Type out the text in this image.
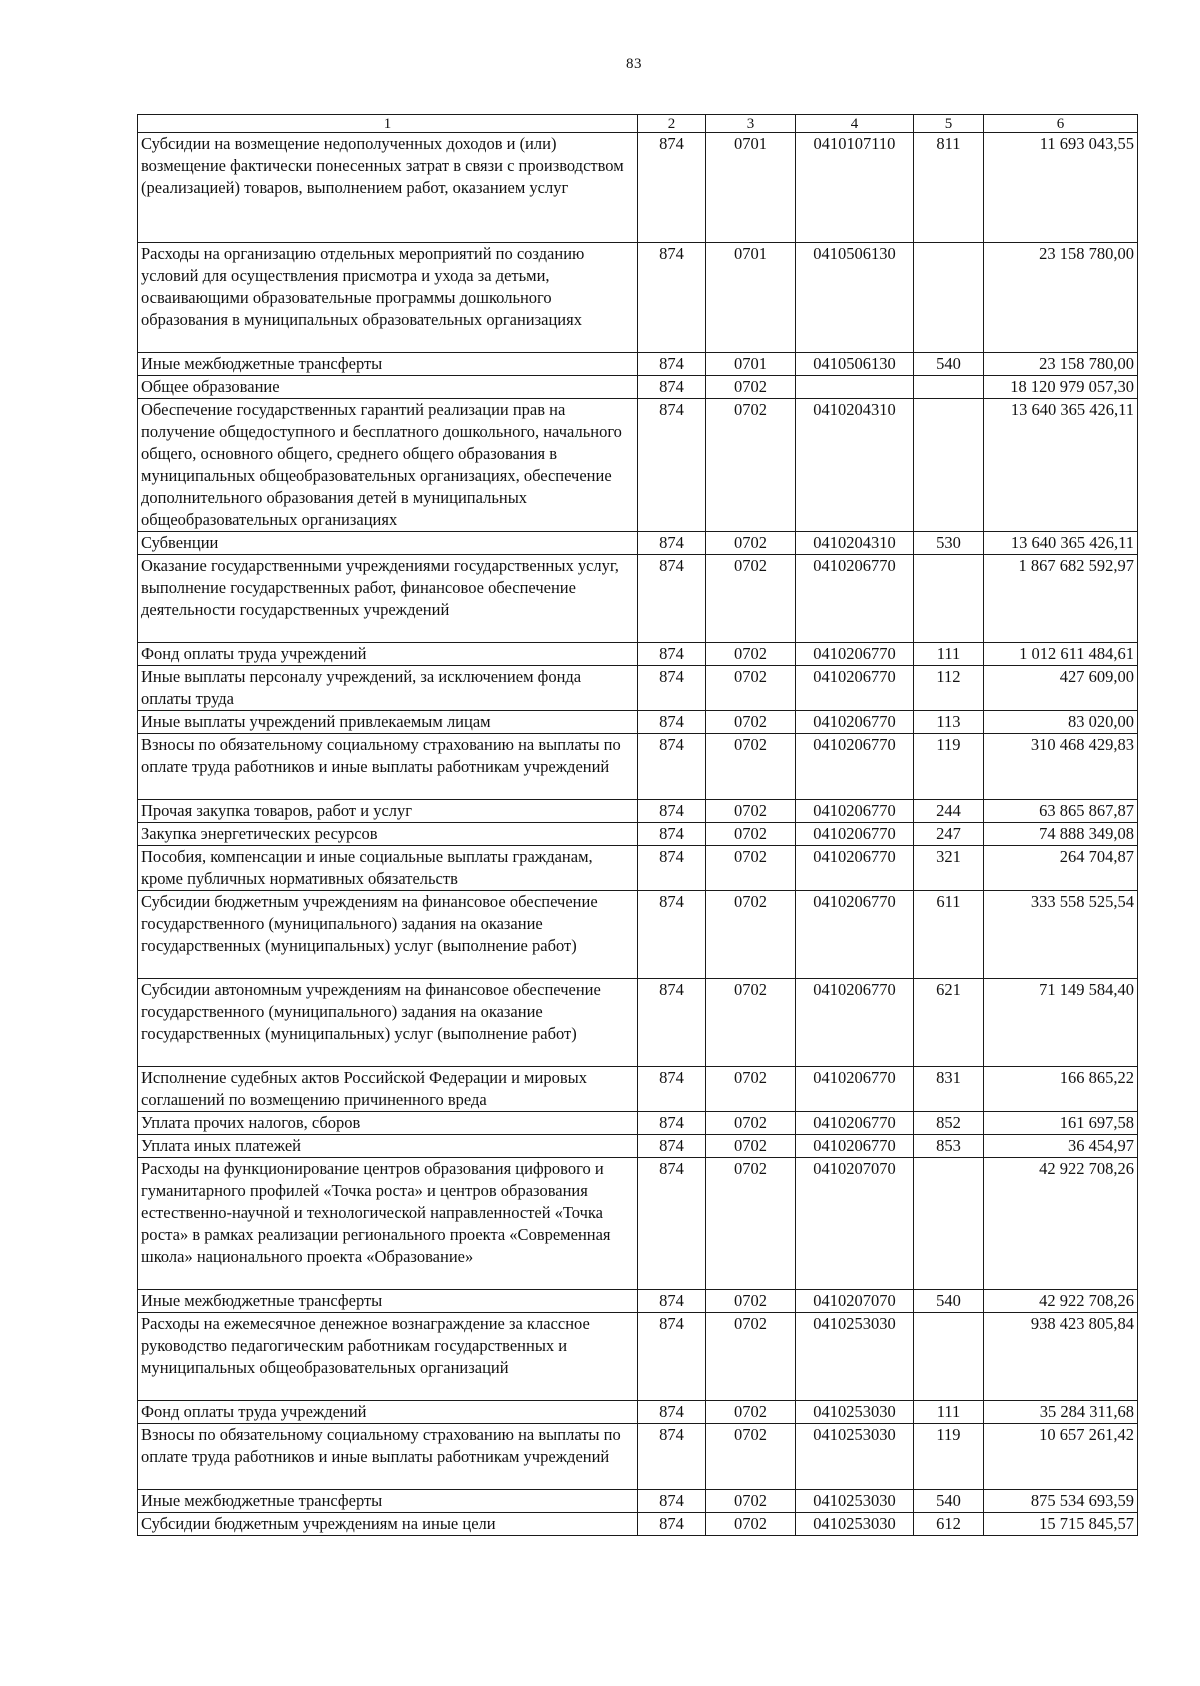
83
1	2	3	4	5	6
Субсидии на возмещение недополученных доходов и (или) возмещение фактически понесенных затрат в связи с производством (реализацией) товаров, выполнением работ, оказанием услуг	874	0701	0410107110	811	11 693 043,55
Расходы на организацию отдельных мероприятий по созданию условий для осуществления присмотра и ухода за детьми, осваивающими образовательные программы дошкольного образования в муниципальных образовательных организациях	874	0701	0410506130		23 158 780,00
Иные межбюджетные трансферты	874	0701	0410506130	540	23 158 780,00
Общее образование	874	0702			18 120 979 057,30
Обеспечение государственных гарантий реализации прав на получение общедоступного и бесплатного дошкольного, начального общего, основного общего, среднего общего образования в муниципальных общеобразовательных организациях, обеспечение дополнительного образования детей в муниципальных общеобразовательных организациях	874	0702	0410204310		13 640 365 426,11
Субвенции	874	0702	0410204310	530	13 640 365 426,11
Оказание государственными учреждениями государственных услуг, выполнение государственных работ, финансовое обеспечение деятельности государственных учреждений	874	0702	0410206770		1 867 682 592,97
Фонд оплаты труда учреждений	874	0702	0410206770	111	1 012 611 484,61
Иные выплаты персоналу учреждений, за исключением фонда оплаты труда	874	0702	0410206770	112	427 609,00
Иные выплаты учреждений привлекаемым лицам	874	0702	0410206770	113	83 020,00
Взносы по обязательному социальному страхованию на выплаты по оплате труда работников и иные выплаты работникам учреждений	874	0702	0410206770	119	310 468 429,83
Прочая закупка товаров, работ и услуг	874	0702	0410206770	244	63 865 867,87
Закупка энергетических ресурсов	874	0702	0410206770	247	74 888 349,08
Пособия, компенсации и иные социальные выплаты гражданам, кроме публичных нормативных обязательств	874	0702	0410206770	321	264 704,87
Субсидии бюджетным учреждениям на финансовое обеспечение государственного (муниципального) задания на оказание государственных (муниципальных) услуг (выполнение работ)	874	0702	0410206770	611	333 558 525,54
Субсидии автономным учреждениям на финансовое обеспечение государственного (муниципального) задания на оказание государственных (муниципальных) услуг (выполнение работ)	874	0702	0410206770	621	71 149 584,40
Исполнение судебных актов Российской Федерации и мировых соглашений по возмещению причиненного вреда	874	0702	0410206770	831	166 865,22
Уплата прочих налогов, сборов	874	0702	0410206770	852	161 697,58
Уплата иных платежей	874	0702	0410206770	853	36 454,97
Расходы на функционирование центров образования цифрового и гуманитарного профилей «Точка роста» и центров образования естественно-научной и технологической направленностей «Точка роста» в рамках реализации регионального проекта «Современная школа» национального проекта «Образование»	874	0702	0410207070		42 922 708,26
Иные межбюджетные трансферты	874	0702	0410207070	540	42 922 708,26
Расходы на ежемесячное денежное вознаграждение за классное руководство педагогическим работникам государственных и муниципальных общеобразовательных организаций	874	0702	0410253030		938 423 805,84
Фонд оплаты труда учреждений	874	0702	0410253030	111	35 284 311,68
Взносы по обязательному социальному страхованию на выплаты по оплате труда работников и иные выплаты работникам учреждений	874	0702	0410253030	119	10 657 261,42
Иные межбюджетные трансферты	874	0702	0410253030	540	875 534 693,59
Субсидии бюджетным учреждениям на иные цели	874	0702	0410253030	612	15 715 845,57
